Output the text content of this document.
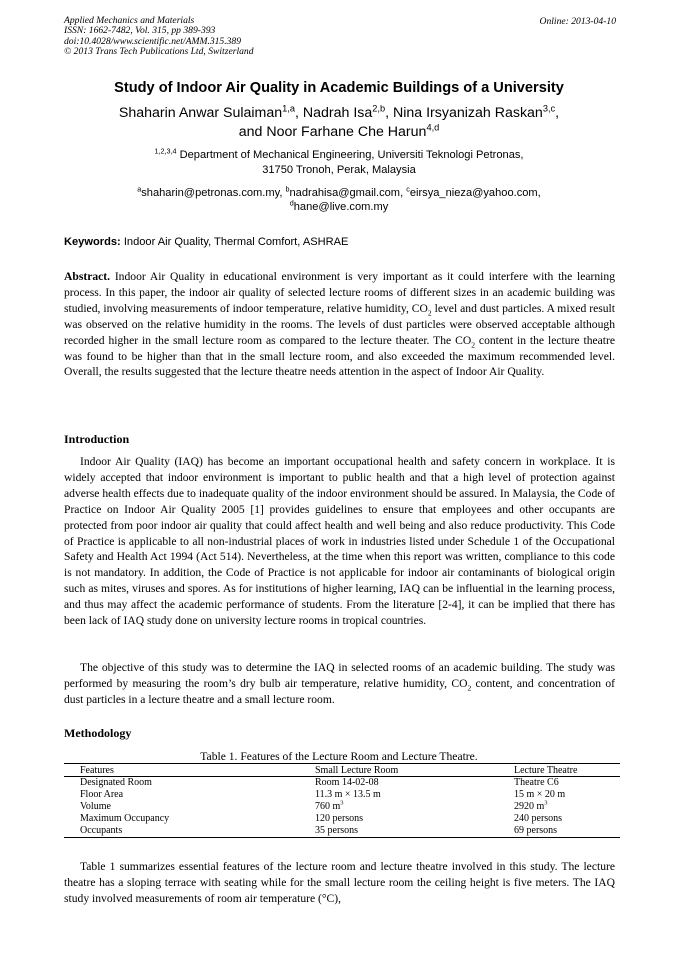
Applied Mechanics and Materials
ISSN: 1662-7482, Vol. 315, pp 389-393
doi:10.4028/www.scientific.net/AMM.315.389
© 2013 Trans Tech Publications Ltd, Switzerland
Online: 2013-04-10
Study of Indoor Air Quality in Academic Buildings of a University
Shaharin Anwar Sulaiman$^{1,a}$, Nadrah Isa$^{2,b}$, Nina Irsyanizah Raskan$^{3,c}$,
and Noor Farhane Che Harun$^{4,d}$
$^{1,2,3,4}$ Department of Mechanical Engineering, Universiti Teknologi Petronas,
31750 Tronoh, Perak, Malaysia
$^a$shaharin@petronas.com.my, $^b$nadrahisa@gmail.com, $^c$eirsya_nieza@yahoo.com,
$^d$hane@live.com.my
Keywords: Indoor Air Quality, Thermal Comfort, ASHRAE
Abstract. Indoor Air Quality in educational environment is very important as it could interfere with the learning process. In this paper, the indoor air quality of selected lecture rooms of different sizes in an academic building was studied, involving measurements of indoor temperature, relative humidity, $CO_2$ level and dust particles. A mixed result was observed on the relative humidity in the rooms. The levels of dust particles were observed acceptable although recorded higher in the small lecture room as compared to the lecture theater. The $CO_2$ content in the lecture theatre was found to be higher than that in the small lecture room, and also exceeded the maximum recommended level. Overall, the results suggested that the lecture theatre needs attention in the aspect of Indoor Air Quality.
Introduction
Indoor Air Quality (IAQ) has become an important occupational health and safety concern in workplace. It is widely accepted that indoor environment is important to public health and that a high level of protection against adverse health effects due to inadequate quality of the indoor environment should be assured. In Malaysia, the Code of Practice on Indoor Air Quality 2005 [1] provides guidelines to ensure that employees and other occupants are protected from poor indoor air quality that could affect health and well being and also reduce productivity. This Code of Practice is applicable to all non-industrial places of work in industries listed under Schedule 1 of the Occupational Safety and Health Act 1994 (Act 514). Nevertheless, at the time when this report was written, compliance to this code is not mandatory. In addition, the Code of Practice is not applicable for indoor air contaminants of biological origin such as mites, viruses and spores. As for institutions of higher learning, IAQ can be influential in the learning process, and thus may affect the academic performance of students. From the literature [2-4], it can be implied that there has been lack of IAQ study done on university lecture rooms in tropical countries.
The objective of this study was to determine the IAQ in selected rooms of an academic building. The study was performed by measuring the room’s dry bulb air temperature, relative humidity, $CO_2$ content, and concentration of dust particles in a lecture theatre and a small lecture room.
Methodology
Table 1. Features of the Lecture Room and Lecture Theatre.
Features	Small Lecture Room	Lecture Theatre
Designated Room	Room 14-02-08	Theatre C6
Floor Area	11.3 m × 13.5 m	15 m × 20 m
Volume	760 $m^3$	2920 $m^3$
Maximum Occupancy	120 persons	240 persons
Occupants	35 persons	69 persons
Table 1 summarizes essential features of the lecture room and lecture theatre involved in this study. The lecture theatre has a sloping terrace with seating while for the small lecture room the ceiling height is five meters. The IAQ study involved measurements of room air temperature (°C),
